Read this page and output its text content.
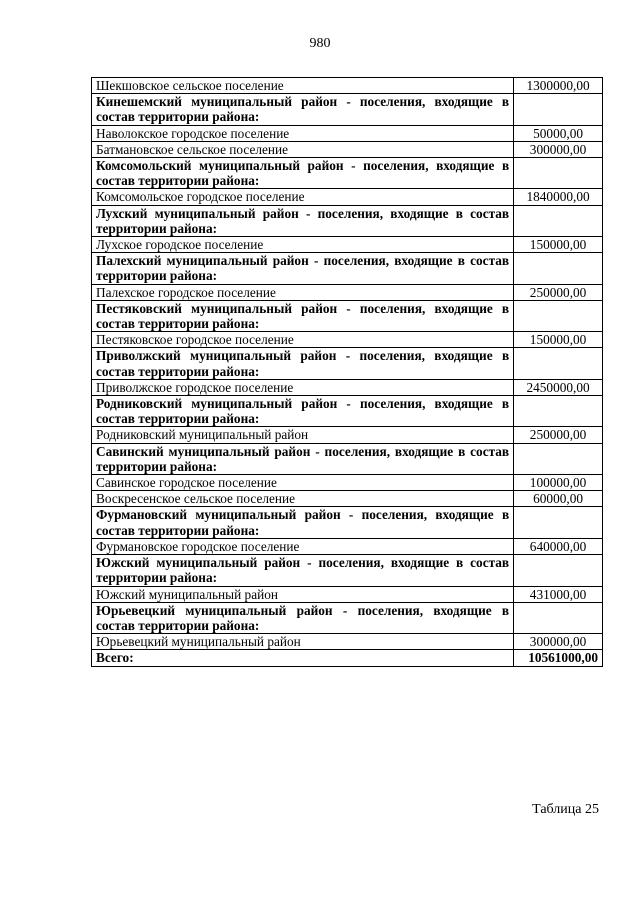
980
Шекшовское сельское поселение	1300000,00
Кинешемский муниципальный район - поселения, входящие в состав территории района:	
Наволокское городское поселение	50000,00
Батмановское сельское поселение	300000,00
Комсомольский муниципальный район - поселения, входящие в состав территории района:	
Комсомольское городское поселение	1840000,00
Лухский муниципальный район - поселения, входящие в состав территории района:	
Лухское городское поселение	150000,00
Палехский муниципальный район - поселения, входящие в состав территории района:	
Палехское городское поселение	250000,00
Пестяковский муниципальный район - поселения, входящие в состав территории района:	
Пестяковское городское поселение	150000,00
Приволжский муниципальный район - поселения, входящие в состав территории района:	
Приволжское городское поселение	2450000,00
Родниковский муниципальный район - поселения, входящие в состав территории района:	
Родниковский муниципальный район	250000,00
Савинский муниципальный район - поселения, входящие в состав территории района:	
Савинское городское поселение	100000,00
Воскресенское сельское поселение	60000,00
Фурмановский муниципальный район - поселения, входящие в состав территории района:	
Фурмановское городское поселение	640000,00
Южский муниципальный район - поселения, входящие в состав территории района:	
Южский муниципальный район	431000,00
Юрьевецкий муниципальный район - поселения, входящие в состав территории района:	
Юрьевецкий муниципальный район	300000,00
Всего:	10561000,00
Таблица 25
